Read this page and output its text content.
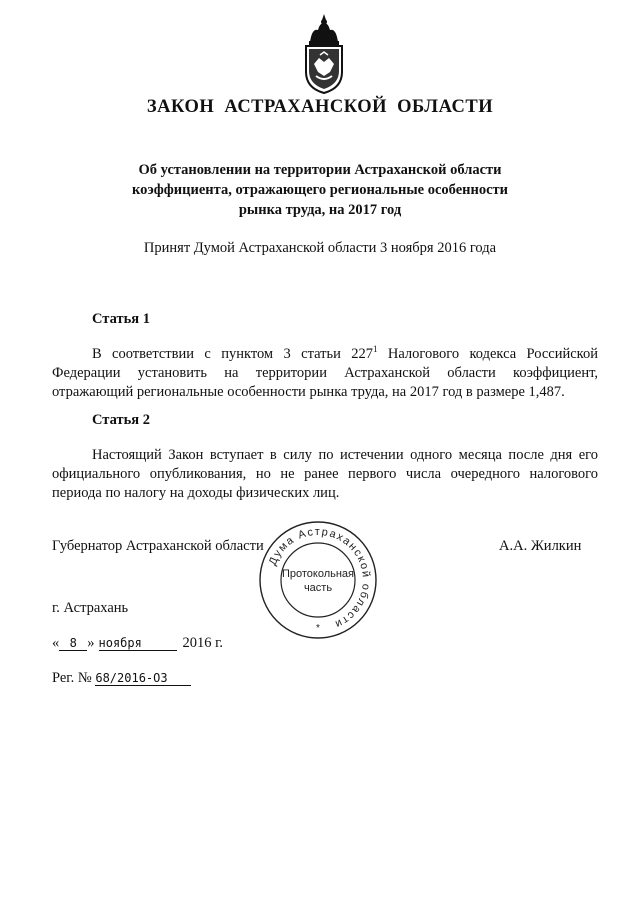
ЗАКОН АСТРАХАНСКОЙ ОБЛАСТИ
Об установлении на территории Астраханской области
коэффициента, отражающего региональные особенности
рынка труда, на 2017 год
Принят Думой Астраханской области 3 ноября 2016 года
Статья 1
В соответствии с пунктом 3 статьи $227^1$ Налогового кодекса Российской Федерации установить на территории Астраханской области коэффициент, отражающий региональные особенности рынка труда, на 2017 год в размере 1,487.
Статья 2
Настоящий Закон вступает в силу по истечении одного месяца после дня его официального опубликования, но не ранее первого числа очередного налогового периода по налогу на доходы физических лиц.
Губернатор Астраханской области	А.А. Жилкин
Дума Астраханской области
Протокольная
часть
*
г. Астрахань
« 8 » ноября	2016 г.
Рег. № 68/2016-ОЗ
